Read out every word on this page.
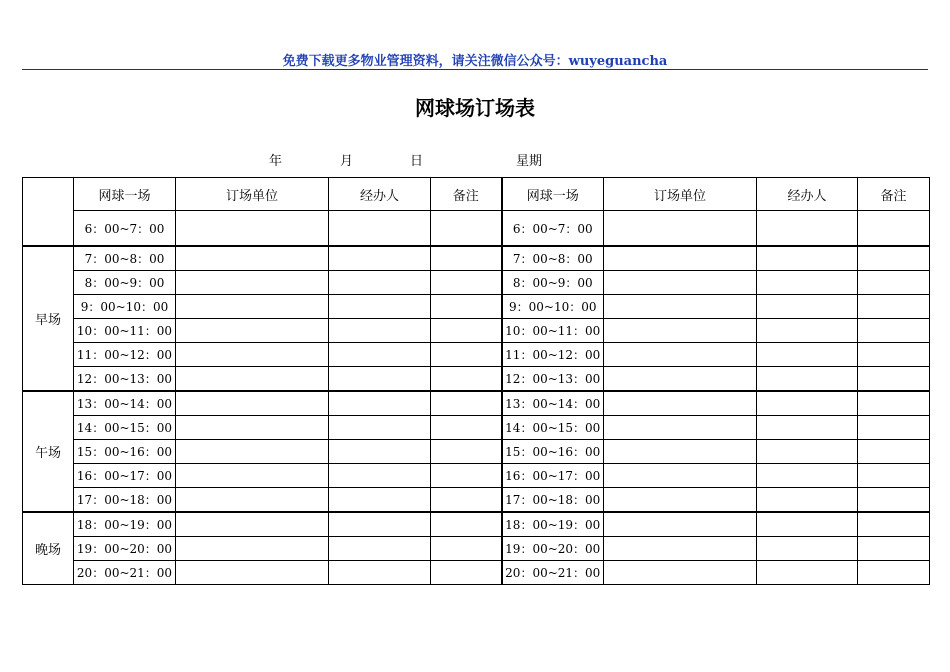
免费下载更多物业管理资料，请关注微信公众号：wuyeguancha
网球场订场表
年	月	日	星期
	网球一场	订场单位	经办人	备注	网球一场	订场单位	经办人	备注
	6：00~7：00				6：00~7：00			
早场	7：00~8：00				7：00~8：00			
	8：00~9：00				8：00~9：00			
	9：00~10：00				9：00~10：00			
	10：00~11：00				10：00~11：00			
	11：00~12：00				11：00~12：00			
	12：00~13：00				12：00~13：00			
午场	13：00~14：00				13：00~14：00			
	14：00~15：00				14：00~15：00			
	15：00~16：00				15：00~16：00			
	16：00~17：00				16：00~17：00			
	17：00~18：00				17：00~18：00			
晚场	18：00~19：00				18：00~19：00			
	19：00~20：00				19：00~20：00			
	20：00~21：00				20：00~21：00			
